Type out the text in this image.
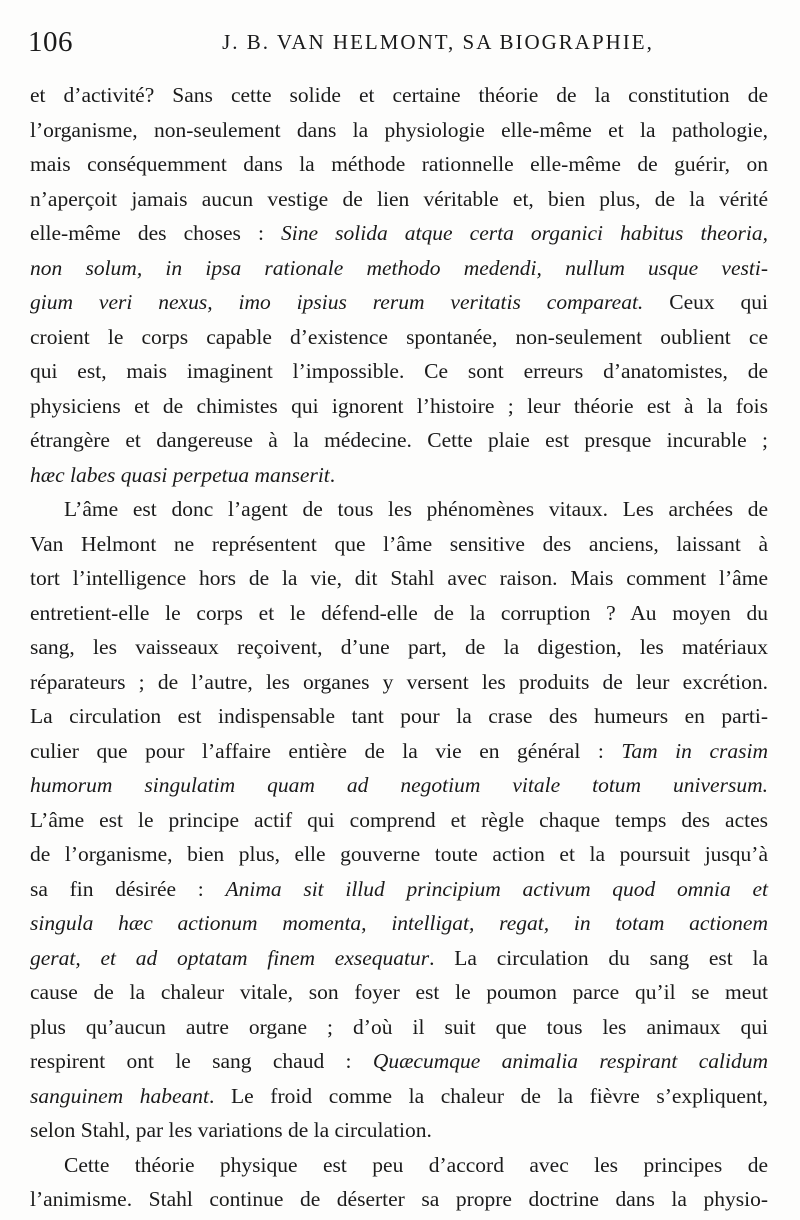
106	J. B. VAN HELMONT, SA BIOGRAPHIE,
et d’activité? Sans cette solide et certaine théorie de la constitution de
l’organisme, non-seulement dans la physiologie elle-même et la pathologie,
mais conséquemment dans la méthode rationnelle elle-même de guérir, on
n’aperçoit jamais aucun vestige de lien véritable et, bien plus, de la vérité
elle-même des choses : Sine solida atque certa organici habitus theoria,
non solum, in ipsa rationale methodo medendi, nullum usque vesti-
gium veri nexus, imo ipsius rerum veritatis compareat. Ceux qui
croient le corps capable d’existence spontanée, non-seulement oublient ce
qui est, mais imaginent l’impossible. Ce sont erreurs d’anatomistes, de
physiciens et de chimistes qui ignorent l’histoire ; leur théorie est à la fois
étrangère et dangereuse à la médecine. Cette plaie est presque incurable ;
hæc labes quasi perpetua manserit.
L’âme est donc l’agent de tous les phénomènes vitaux. Les archées de
Van Helmont ne représentent que l’âme sensitive des anciens, laissant à
tort l’intelligence hors de la vie, dit Stahl avec raison. Mais comment l’âme
entretient-elle le corps et le défend-elle de la corruption ? Au moyen du
sang, les vaisseaux reçoivent, d’une part, de la digestion, les matériaux
réparateurs ; de l’autre, les organes y versent les produits de leur excrétion.
La circulation est indispensable tant pour la crase des humeurs en parti-
culier que pour l’affaire entière de la vie en général : Tam in crasim
humorum singulatim quam ad negotium vitale totum universum.
L’âme est le principe actif qui comprend et règle chaque temps des actes
de l’organisme, bien plus, elle gouverne toute action et la poursuit jusqu’à
sa fin désirée : Anima sit illud principium activum quod omnia et
singula hæc actionum momenta, intelligat, regat, in totam actionem
gerat, et ad optatam finem exsequatur. La circulation du sang est la
cause de la chaleur vitale, son foyer est le poumon parce qu’il se meut
plus qu’aucun autre organe ; d’où il suit que tous les animaux qui
respirent ont le sang chaud : Quæcumque animalia respirant calidum
sanguinem habeant. Le froid comme la chaleur de la fièvre s’expliquent,
selon Stahl, par les variations de la circulation.
Cette théorie physique est peu d’accord avec les principes de
l’animisme. Stahl continue de déserter sa propre doctrine dans la physio-
